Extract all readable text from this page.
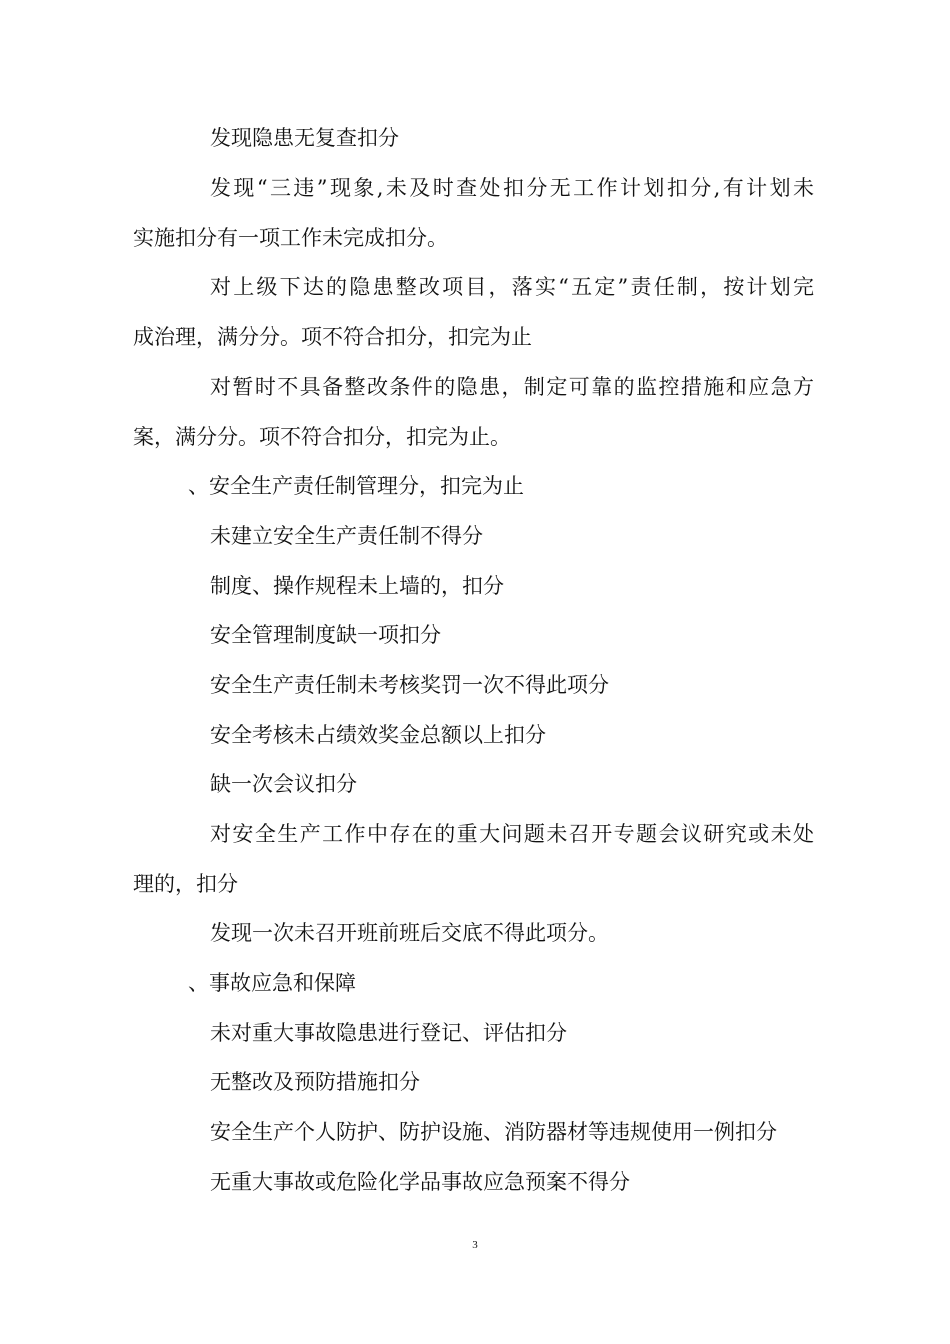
发现隐患无复查扣分
发现“三违”现象,未及时查处扣分无工作计划扣分,有计划未
实施扣分有一项工作未完成扣分。
对上级下达的隐患整改项目，落实“五定”责任制，按计划完
成治理，满分分。项不符合扣分，扣完为止
对暂时不具备整改条件的隐患，制定可靠的监控措施和应急方
案，满分分。项不符合扣分，扣完为止。
、安全生产责任制管理分，扣完为止
未建立安全生产责任制不得分
制度、操作规程未上墙的，扣分
安全管理制度缺一项扣分
安全生产责任制未考核奖罚一次不得此项分
安全考核未占绩效奖金总额以上扣分
缺一次会议扣分
对安全生产工作中存在的重大问题未召开专题会议研究或未处
理的，扣分
发现一次未召开班前班后交底不得此项分。
、事故应急和保障
未对重大事故隐患进行登记、评估扣分
无整改及预防措施扣分
安全生产个人防护、防护设施、消防器材等违规使用一例扣分
无重大事故或危险化学品事故应急预案不得分
3
